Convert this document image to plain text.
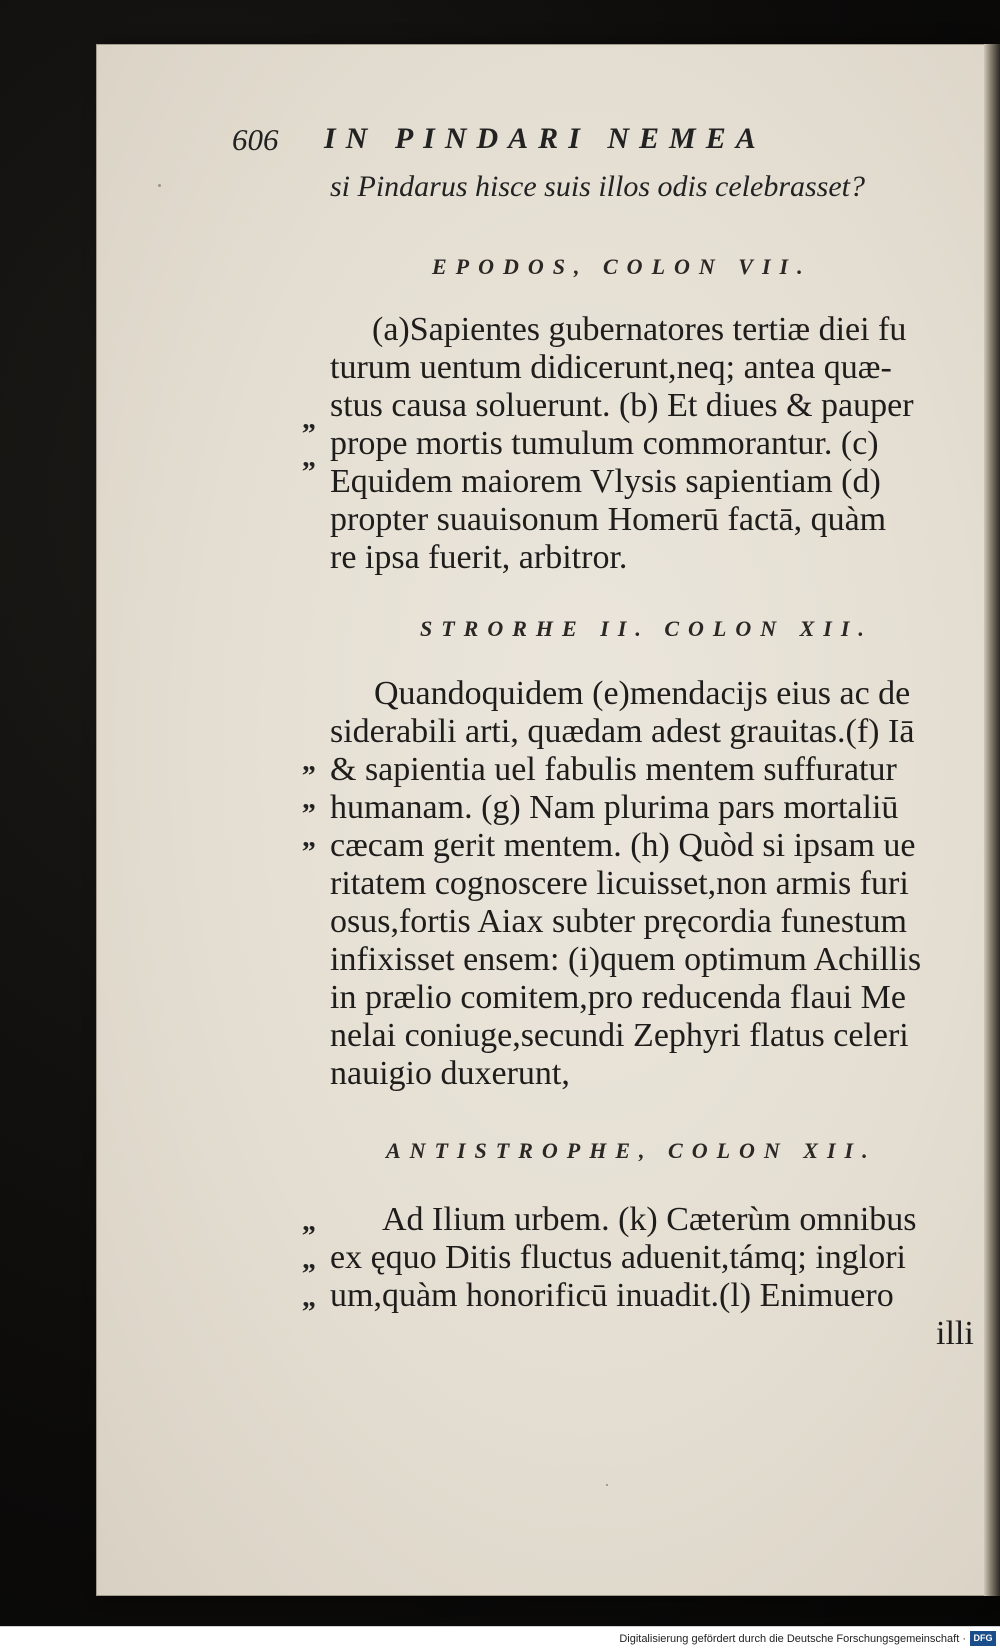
606 IN PINDARI NEMEA
si Pindarus hisce suis illos odis celebrasset?
EPODOS, COLON VII.
(a)Sapientes gubernatores tertiæ diei fu
turum uentum didicerunt,neq; antea quæ-
stus causa soluerunt. (b) Et diues & pauper
prope mortis tumulum commorantur. (c)
Equidem maiorem Vlysis sapientiam (d)
propter suauisonum Homerū factā, quàm
re ipsa fuerit, arbitror.
„
„
STRORHE II. COLON XII.
Quandoquidem (e)mendacijs eius ac de
siderabili arti, quædam adest grauitas.(f) Iā
& sapientia uel fabulis mentem suffuratur
humanam. (g) Nam plurima pars mortaliū
cæcam gerit mentem. (h) Quòd si ipsam ue
ritatem cognoscere licuisset,non armis furi
osus,fortis Aiax subter pręcordia funestum
infixisset ensem: (i)quem optimum Achillis
in prælio comitem,pro reducenda flaui Me
nelai coniuge,secundi Zephyri flatus celeri
nauigio duxerunt,
„
„
„
ANTISTROPHE, COLON XII.
Ad Ilium urbem. (k) Cæterùm omnibus
ex ęquo Ditis fluctus aduenit,támq; inglori
um,quàm honorificū inuadit.(l) Enimuero
„
„
„
illi
Digitalisierung gefördert durch die Deutsche Forschungsgemeinschaft · DFG
